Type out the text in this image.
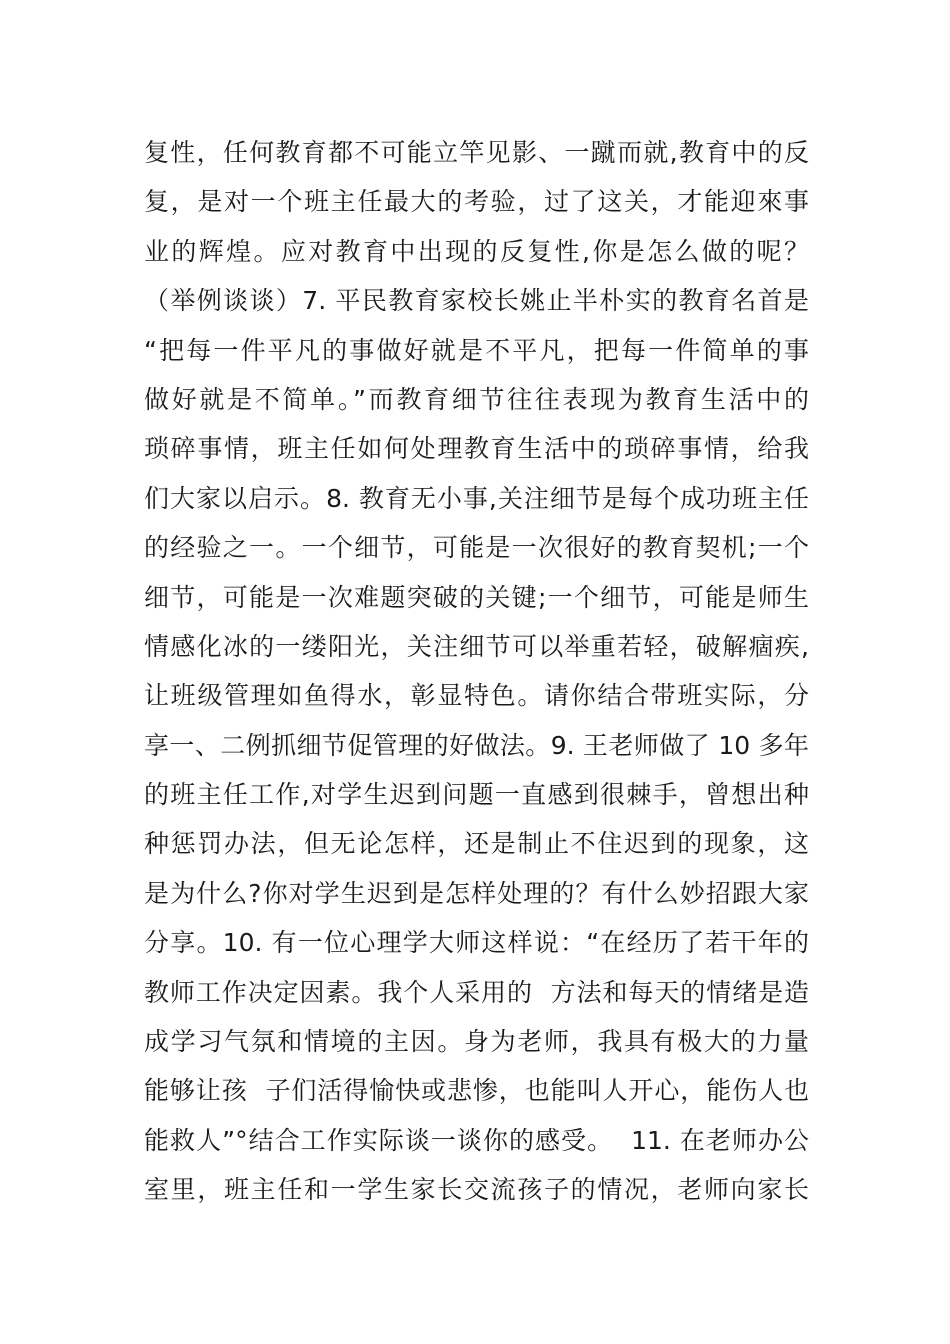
复性，任何教育都不可能立竿见影、一蹴而就,教育中的反
复，是对一个班主任最大的考验，过了这关，才能迎來事
业的辉煌。应对教育中出现的反复性,你是怎么做的呢？
（举例谈谈）7. 平民教育家校长姚止半朴实的教育名首是
“把每一件平凡的事做好就是不平凡，把每一件简单的事
做好就是不简单。”而教育细节往往表现为教育生活中的
琐碎事情，班主任如何处理教育生活中的琐碎事情，给我
们大家以启示。8. 教育无小事,关注细节是每个成功班主任
的经验之一。一个细节，可能是一次很好的教育契机;一个
细节，可能是一次难题突破的关键;一个细节，可能是师生
情感化冰的一缕阳光，关注细节可以举重若轻，破解痼疾,
让班级管理如鱼得水，彰显特色。请你结合带班实际，分
享一、二例抓细节促管理的好做法。9. 王老师做了 10 多年
的班主任工作,对学生迟到问题一直感到很棘手，曾想出种
种惩罚办法，但无论怎样，还是制止不住迟到的现象，这
是为什么?你对学生迟到是怎样处理的？有什么妙招跟大家
分享。10. 有一位心理学大师这样说：“在经历了若干年的
教师工作决定因素。我个人采用的  方法和每天的情绪是造
成学习气氛和情境的主因。身为老师，我具有极大的力量
能够让孩  子们活得愉快或悲惨，也能叫人开心，能伤人也
能救人”°结合工作实际谈一谈你的感受。  11. 在老师办公
室里，班主任和一学生家长交流孩子的情况，老师向家长
